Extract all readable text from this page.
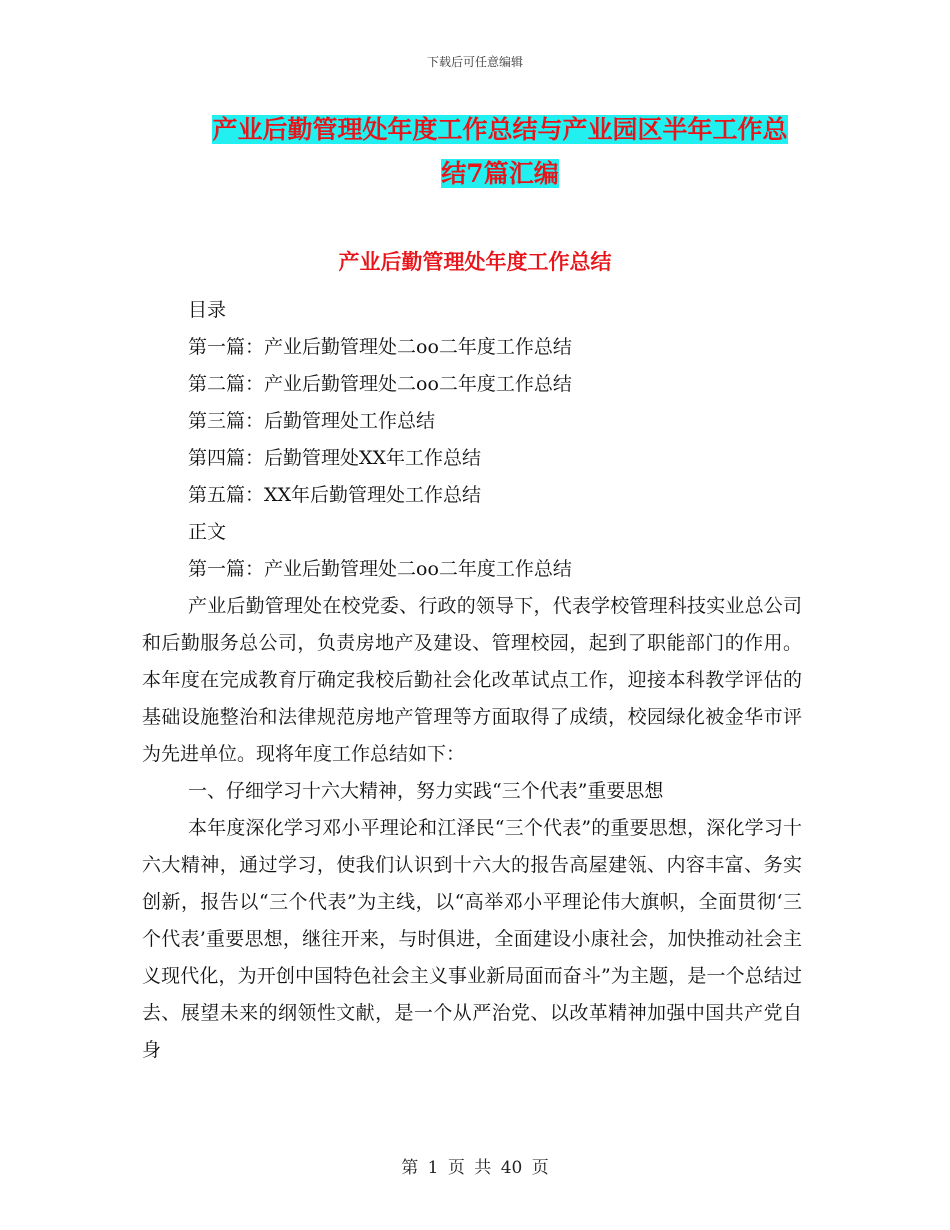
下载后可任意编辑
产业后勤管理处年度工作总结与产业园区半年工作总
结7篇汇编
产业后勤管理处年度工作总结
目录
第一篇：产业后勤管理处二oo二年度工作总结
第二篇：产业后勤管理处二oo二年度工作总结
第三篇：后勤管理处工作总结
第四篇：后勤管理处XX年工作总结
第五篇：XX年后勤管理处工作总结
正文
第一篇：产业后勤管理处二oo二年度工作总结

产业后勤管理处在校党委、行政的领导下，代表学校管理科技实业总公司和后勤服务总公司，负责房地产及建设、管理校园，起到了职能部门的作用。本年度在完成教育厅确定我校后勤社会化改革试点工作，迎接本科教学评估的基础设施整治和法律规范房地产管理等方面取得了成绩，校园绿化被金华市评为先进单位。现将年度工作总结如下：

一、仔细学习十六大精神，努力实践“三个代表”重要思想

本年度深化学习邓小平理论和江泽民“三个代表”的重要思想，深化学习十六大精神，通过学习，使我们认识到十六大的报告高屋建瓴、内容丰富、务实创新，报告以“三个代表”为主线，以“高举邓小平理论伟大旗帜，全面贯彻‘三个代表’重要思想，继往开来，与时俱进，全面建设小康社会，加快推动社会主义现代化，为开创中国特色社会主义事业新局面而奋斗”为主题，是一个总结过去、展望未来的纲领性文献，是一个从严治党、以改革精神加强中国共产党自身

第 1 页 共 40 页
